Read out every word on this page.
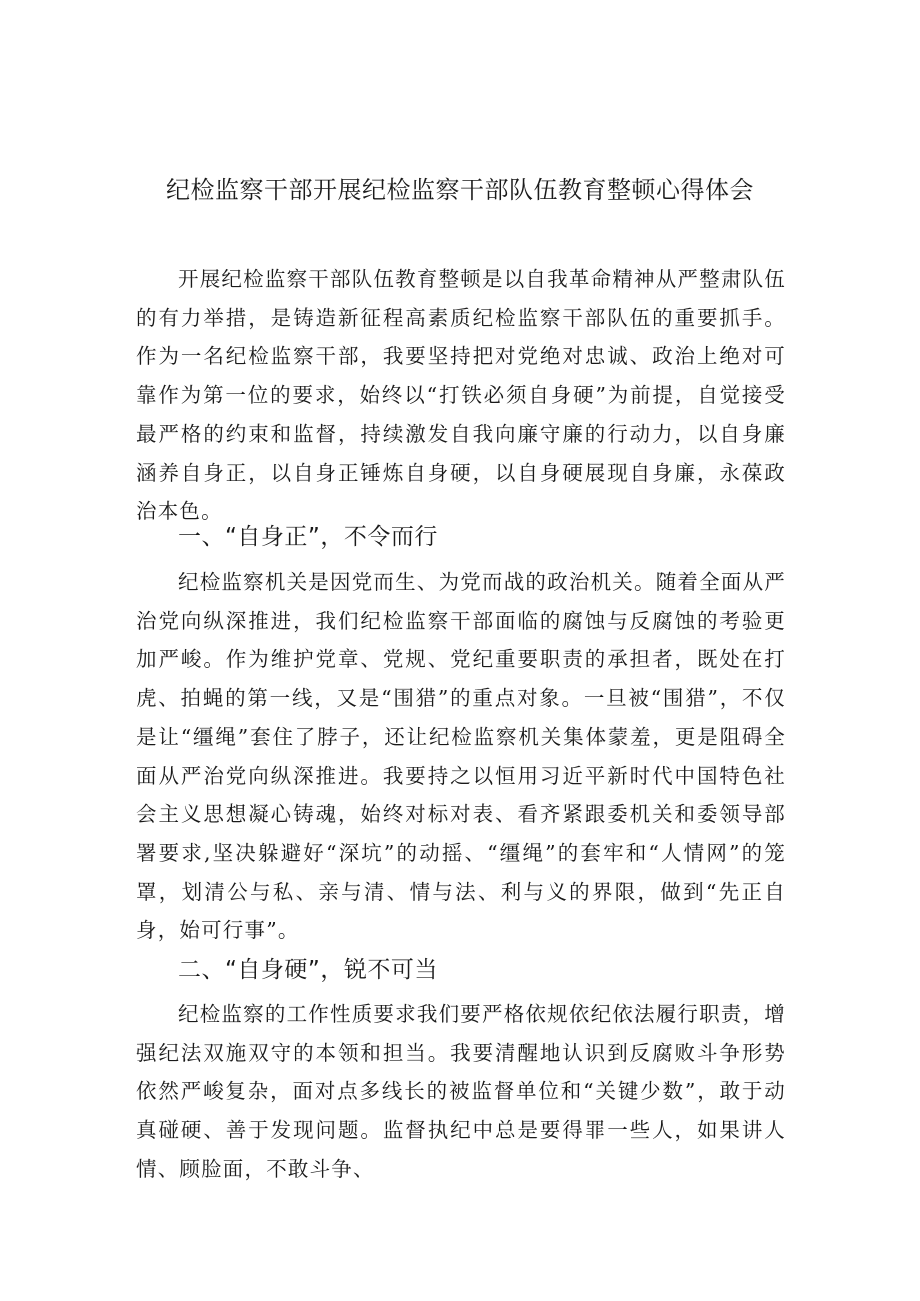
纪检监察干部开展纪检监察干部队伍教育整顿心得体会

开展纪检监察干部队伍教育整顿是以自我革命精神从严整肃队伍的有力举措，是铸造新征程高素质纪检监察干部队伍的重要抓手。作为一名纪检监察干部，我要坚持把对党绝对忠诚、政治上绝对可靠作为第一位的要求，始终以“打铁必须自身硬”为前提，自觉接受最严格的约束和监督，持续激发自我向廉守廉的行动力，以自身廉涵养自身正，以自身正锤炼自身硬，以自身硬展现自身廉，永葆政治本色。

一、“自身正”，不令而行

纪检监察机关是因党而生、为党而战的政治机关。随着全面从严治党向纵深推进，我们纪检监察干部面临的腐蚀与反腐蚀的考验更加严峻。作为维护党章、党规、党纪重要职责的承担者，既处在打虎、拍蝇的第一线，又是“围猎”的重点对象。一旦被“围猎”，不仅是让“缰绳”套住了脖子，还让纪检监察机关集体蒙羞，更是阻碍全面从严治党向纵深推进。我要持之以恒用习近平新时代中国特色社会主义思想凝心铸魂，始终对标对表、看齐紧跟委机关和委领导部署要求,坚决躲避好“深坑”的动摇、“缰绳”的套牢和“人情网”的笼罩，划清公与私、亲与清、情与法、利与义的界限，做到“先正自身，始可行事”。

二、“自身硬”，锐不可当

纪检监察的工作性质要求我们要严格依规依纪依法履行职责，增强纪法双施双守的本领和担当。我要清醒地认识到反腐败斗争形势依然严峻复杂，面对点多线长的被监督单位和“关键少数”，敢于动真碰硬、善于发现问题。监督执纪中总是要得罪一些人，如果讲人情、顾脸面，不敢斗争、
